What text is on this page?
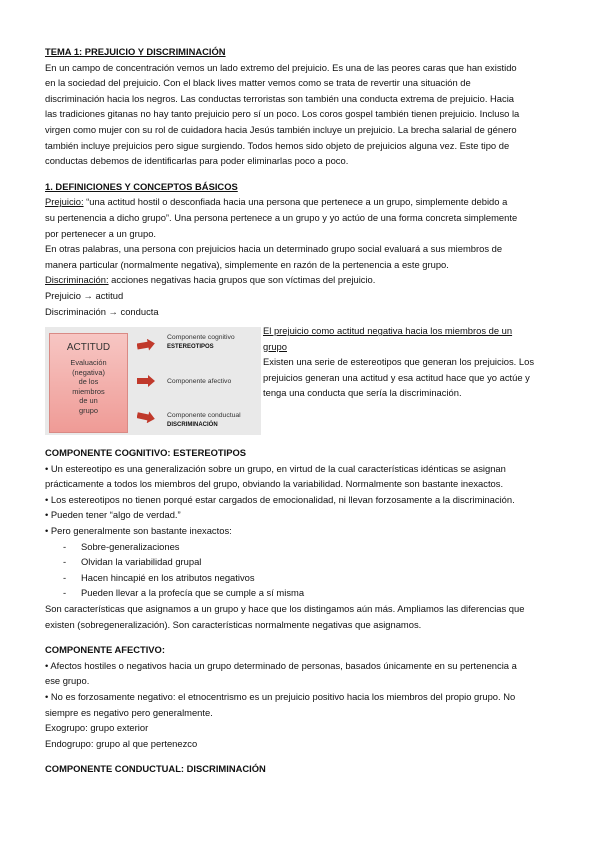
TEMA 1: PREJUICIO Y DISCRIMINACIÓN

En un campo de concentración vemos un lado extremo del prejuicio. Es una de las peores caras que han existido

en la sociedad del prejuicio. Con el black lives matter vemos como se trata de revertir una situación de

discriminación hacia los negros. Las conductas terroristas son también una conducta extrema de prejuicio. Hacia

las tradiciones gitanas no hay tanto prejuicio pero sí un poco. Los coros gospel también tienen prejuicio. Incluso la

virgen como mujer con su rol de cuidadora hacia Jesús también incluye un prejuicio. La brecha salarial de género

también incluye prejuicios pero sigue surgiendo. Todos hemos sido objeto de prejuicios alguna vez. Este tipo de

conductas debemos de identificarlas para poder eliminarlas poco a poco.

1. DEFINICIONES Y CONCEPTOS BÁSICOS

Prejuicio: “una actitud hostil o desconfiada hacia una persona que pertenece a un grupo, simplemente debido a

su pertenencia a dicho grupo”. Una persona pertenece a un grupo y yo actúo de una forma concreta simplemente

por pertenecer a un grupo.

En otras palabras, una persona con prejuicios hacia un determinado grupo social evaluará a sus miembros de

manera particular (normalmente negativa), simplemente en razón de la pertenencia a este grupo.

Discriminación: acciones negativas hacia grupos que son víctimas del prejuicio.

Prejuicio → actitud

Discriminación → conducta

ACTITUD
Evaluación
(negativa)
de los
miembros
de un
grupo
Componente cognitivo
ESTEREOTIPOS
Componente afectivo
Componente conductual
DISCRIMINACIÓN

El prejuicio como actitud negativa hacia los miembros de un

grupo

Existen una serie de estereotipos que generan los prejuicios. Los

prejuicios generan una actitud y esa actitud hace que yo actúe y

tenga una conducta que sería la discriminación.

COMPONENTE COGNITIVO: ESTEREOTIPOS

• Un estereotipo es una generalización sobre un grupo, en virtud de la cual características idénticas se asignan

prácticamente a todos los miembros del grupo, obviando la variabilidad. Normalmente son bastante inexactos.

• Los estereotipos no tienen porqué estar cargados de emocionalidad, ni llevan forzosamente a la discriminación.

• Pueden tener “algo de verdad.”

• Pero generalmente son bastante inexactos:

- Sobre-generalizaciones

- Olvidan la variabilidad grupal

- Hacen hincapié en los atributos negativos

- Pueden llevar a la profecía que se cumple a sí misma

Son características que asignamos a un grupo y hace que los distingamos aún más. Ampliamos las diferencias que

existen (sobregeneralización). Son características normalmente negativas que asignamos.

COMPONENTE AFECTIVO:

• Afectos hostiles o negativos hacia un grupo determinado de personas, basados únicamente en su pertenencia a

ese grupo.

• No es forzosamente negativo: el etnocentrismo es un prejuicio positivo hacia los miembros del propio grupo. No

siempre es negativo pero generalmente.

Exogrupo: grupo exterior

Endogrupo: grupo al que pertenezco

COMPONENTE CONDUCTUAL: DISCRIMINACIÓN
